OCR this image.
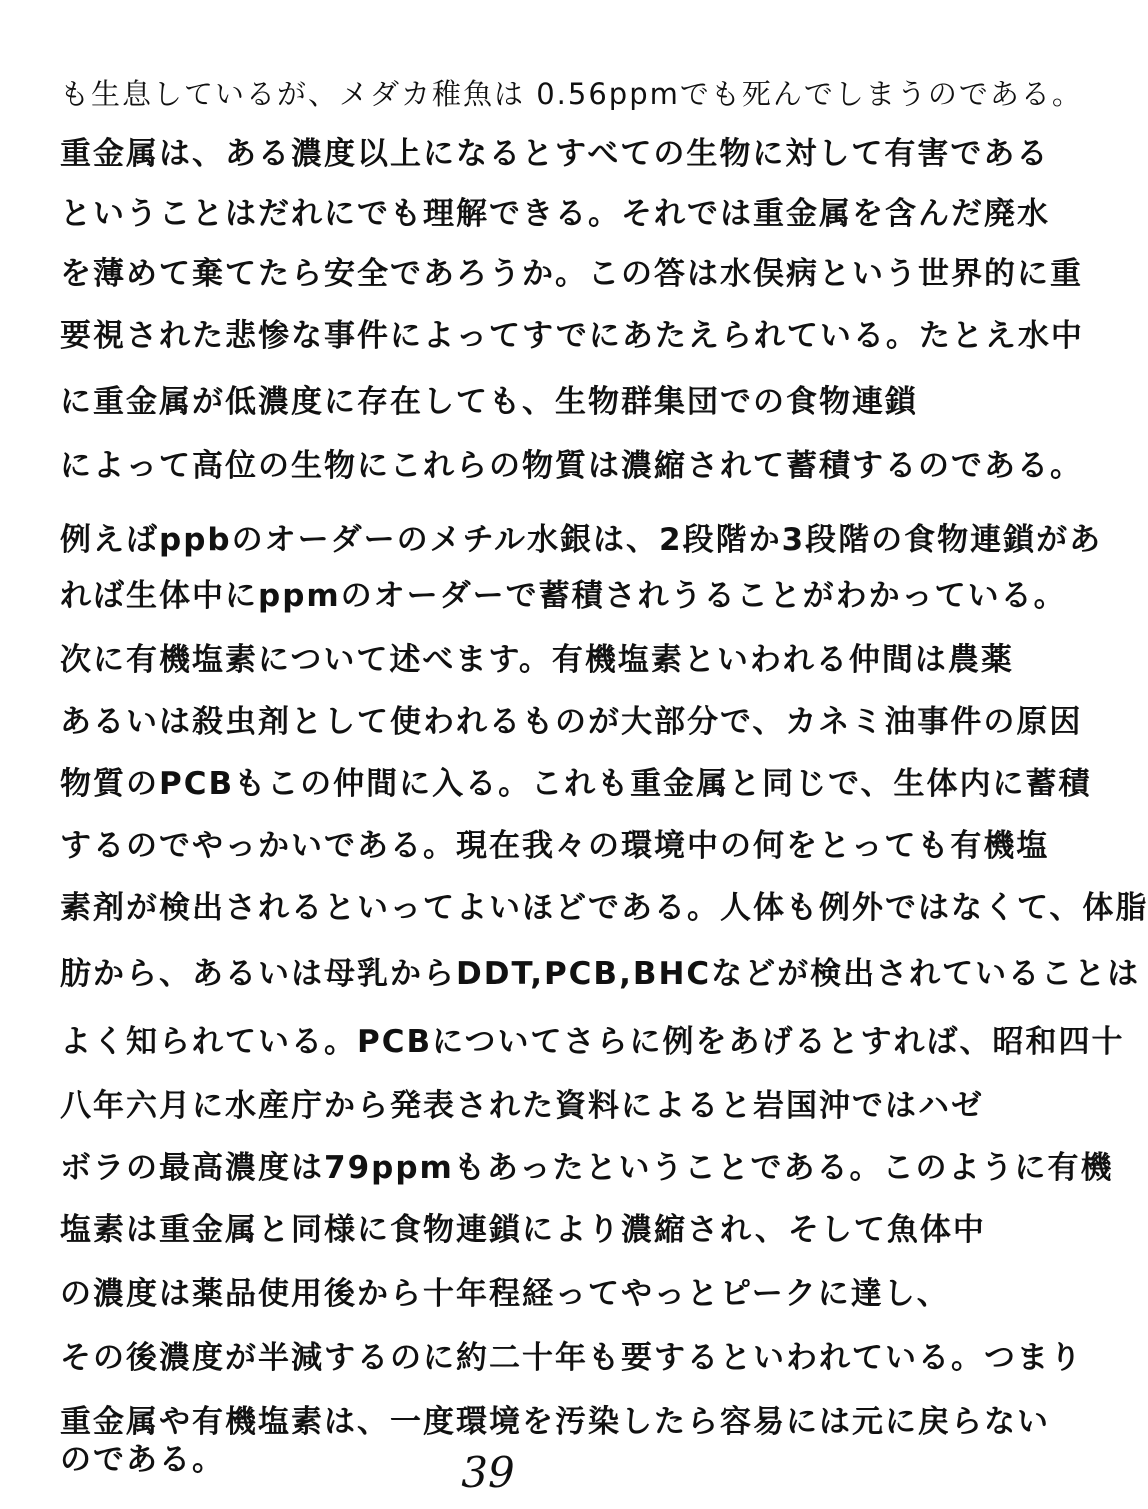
も生息しているが、メダカ稚魚は 0.56ppmでも死んでしまうのである。
重金属は、ある濃度以上になるとすべての生物に対して有害である
ということはだれにでも理解できる。それでは重金属を含んだ廃水
を薄めて棄てたら安全であろうか。この答は水俣病という世界的に重
要視された悲惨な事件によってすでにあたえられている。たとえ水中
に重金属が低濃度に存在しても、生物群集団での食物連鎖
によって高位の生物にこれらの物質は濃縮されて蓄積するのである。
例えばppbのオーダーのメチル水銀は、2段階か3段階の食物連鎖があ
れば生体中にppmのオーダーで蓄積されうることがわかっている。
次に有機塩素について述べます。有機塩素といわれる仲間は農薬
あるいは殺虫剤として使われるものが大部分で、カネミ油事件の原因
物質のPCBもこの仲間に入る。これも重金属と同じで、生体内に蓄積
するのでやっかいである。現在我々の環境中の何をとっても有機塩
素剤が検出されるといってよいほどである。人体も例外ではなくて、体脂
肪から、あるいは母乳からDDT,PCB,BHCなどが検出されていることは
よく知られている。PCBについてさらに例をあげるとすれば、昭和四十
八年六月に水産庁から発表された資料によると岩国沖ではハゼ
ボラの最高濃度は79ppmもあったということである。このように有機
塩素は重金属と同様に食物連鎖により濃縮され、そして魚体中
の濃度は薬品使用後から十年程経ってやっとピークに達し、
その後濃度が半減するのに約二十年も要するといわれている。つまり
重金属や有機塩素は、一度環境を汚染したら容易には元に戻らない
のである。	39
